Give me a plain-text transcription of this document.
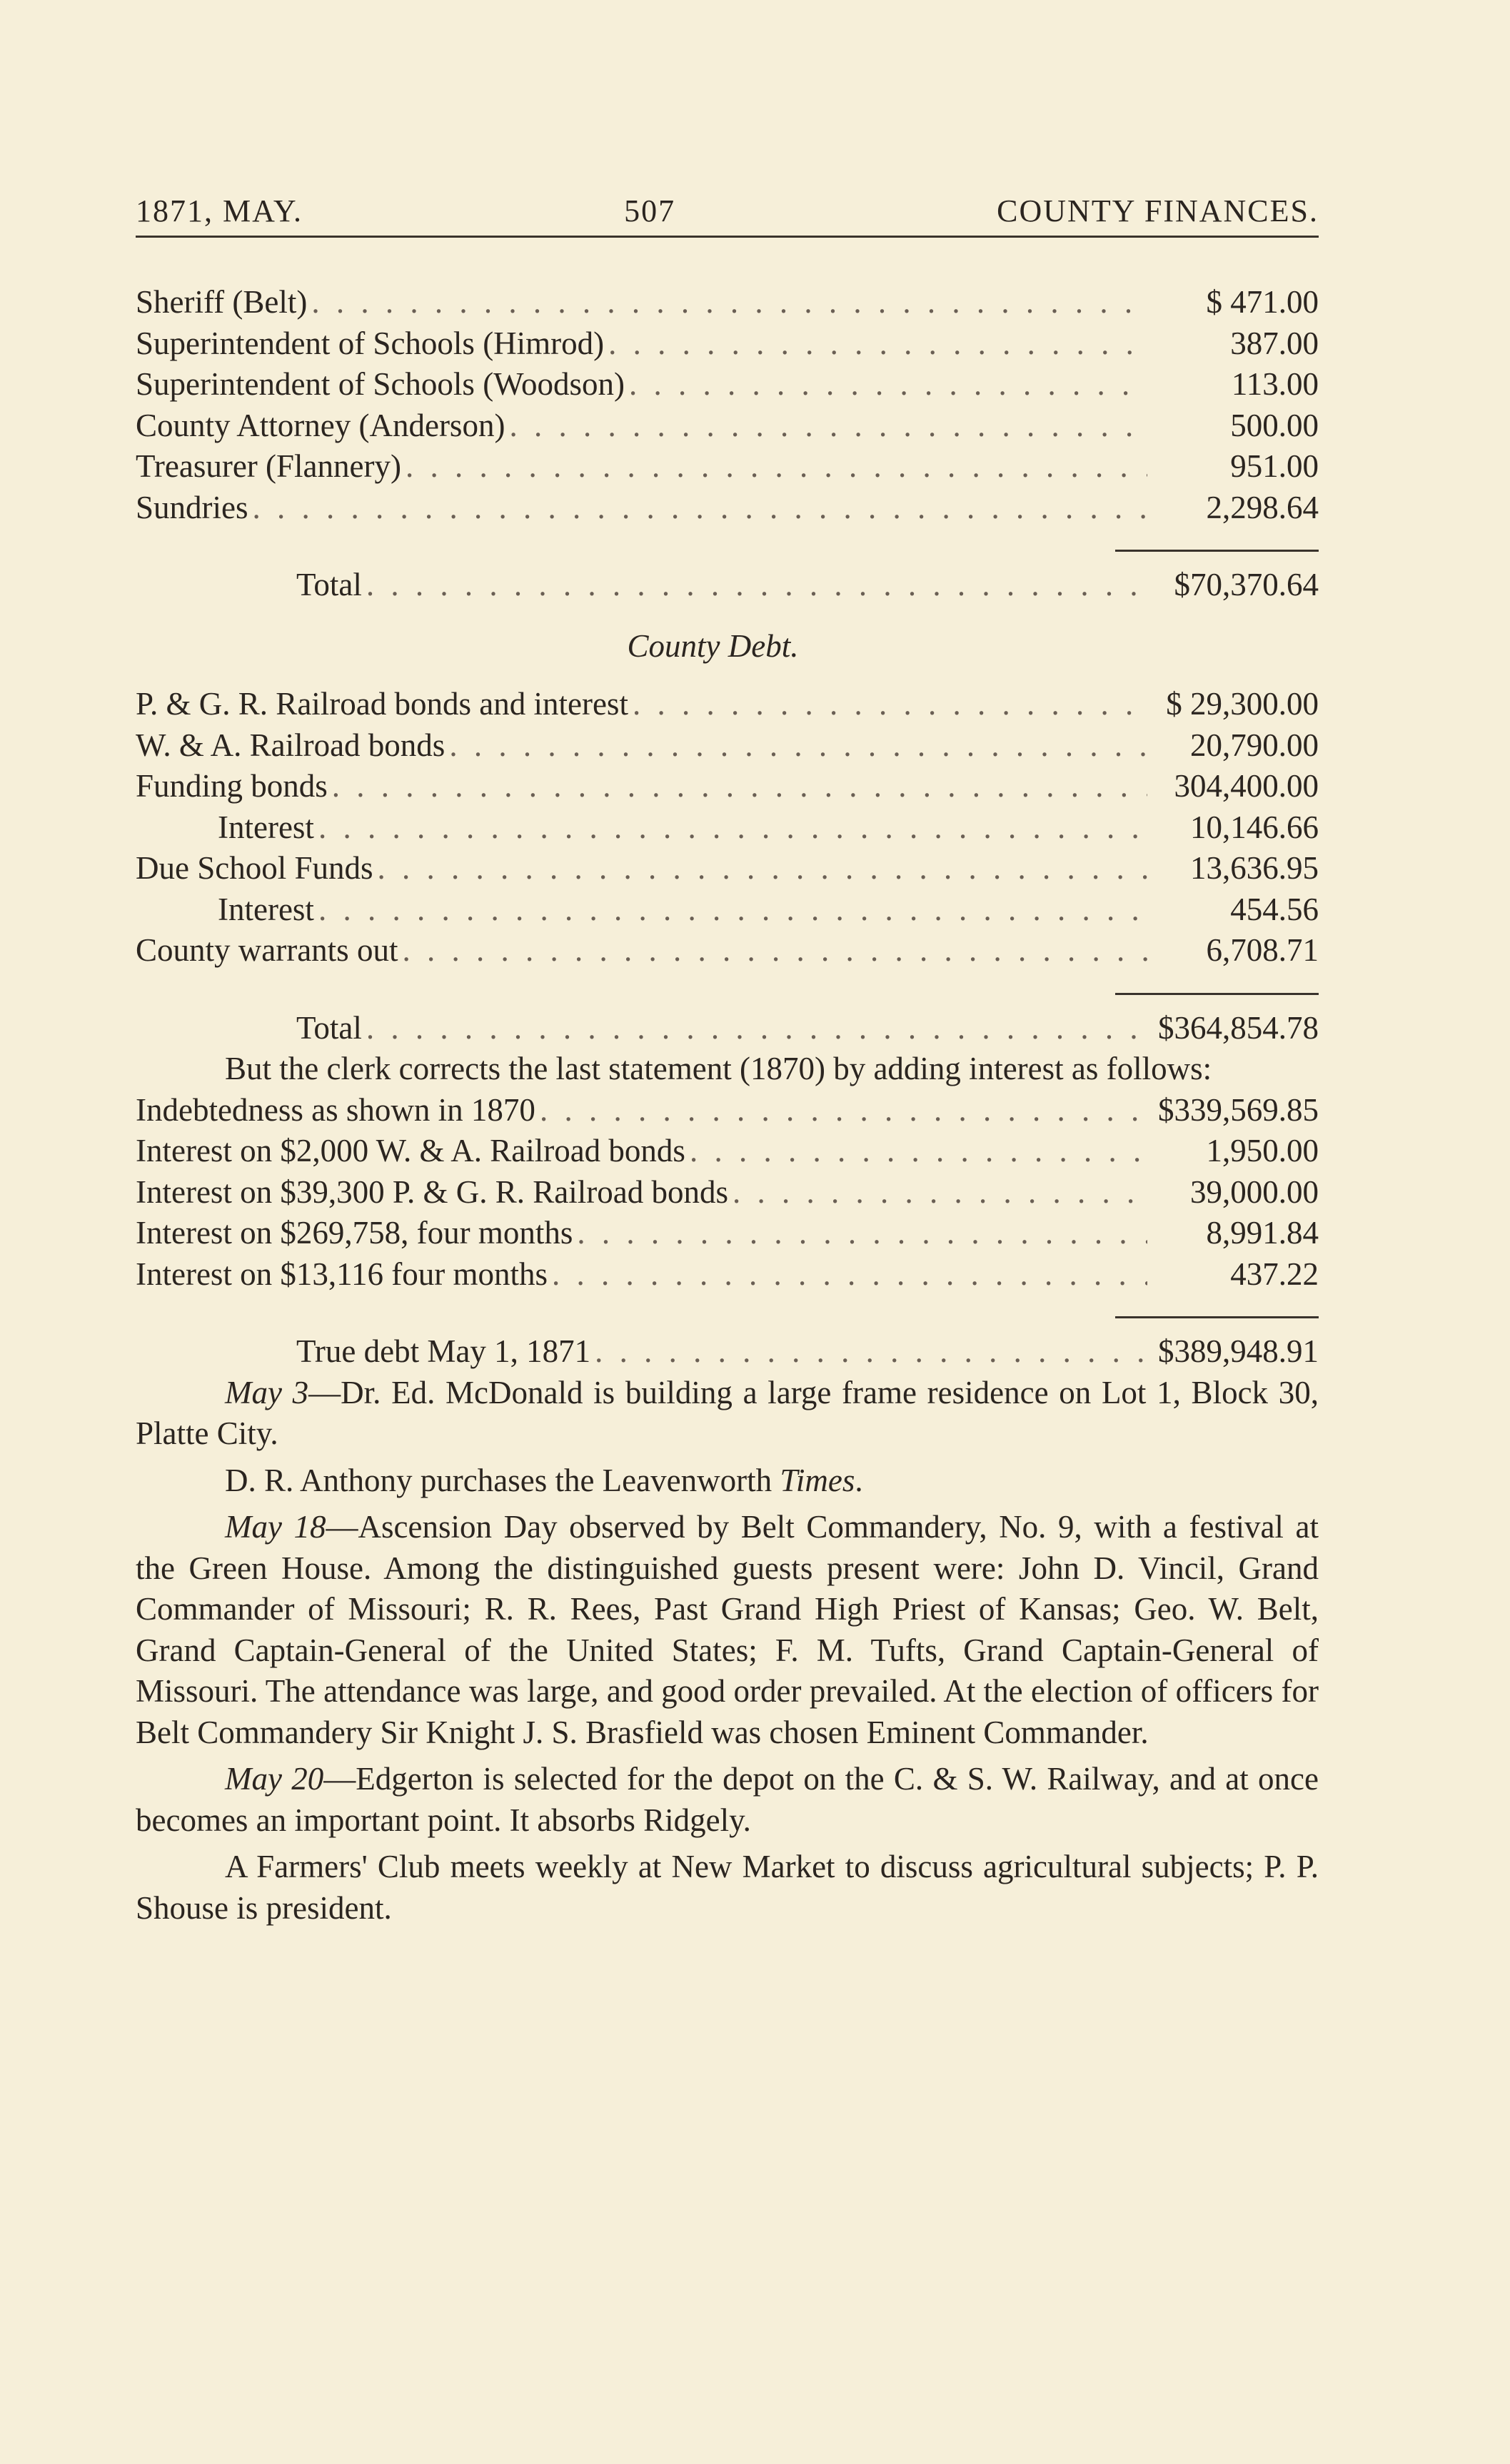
1871, MAY.	507	COUNTY FINANCES.
Sheriff (Belt) . . .	$ 471.00
Superintendent of Schools (Himrod) . . .	387.00
Superintendent of Schools (Woodson) . . .	113.00
County Attorney (Anderson) . . .	500.00
Treasurer (Flannery) . . .	951.00
Sundries . . .	2,298.64
Total . . .	$70,370.64
County Debt.
P. & G. R. Railroad bonds and interest . . .	$ 29,300.00
W. & A. Railroad bonds . . .	20,790.00
Funding bonds . . .	304,400.00
Interest . . .	10,146.66
Due School Funds . . .	13,636.95
Interest . . .	454.56
County warrants out . . .	6,708.71
Total . . .	$364,854.78

But the clerk corrects the last statement (1870) by adding interest as follows:

Indebtedness as shown in 1870 . . .	$339,569.85
Interest on $2,000 W. & A. Railroad bonds . . .	1,950.00
Interest on $39,300 P. & G. R. Railroad bonds . . .	39,000.00
Interest on $269,758, four months . . .	8,991.84
Interest on $13,116 four months . . .	437.22
True debt May 1, 1871 . . .	$389,948.91

May 3—Dr. Ed. McDonald is building a large frame residence on Lot 1, Block 30, Platte City.

D. R. Anthony purchases the Leavenworth Times.

May 18—Ascension Day observed by Belt Commandery, No. 9, with a festival at the Green House. Among the distinguished guests present were: John D. Vincil, Grand Commander of Missouri; R. R. Rees, Past Grand High Priest of Kansas; Geo. W. Belt, Grand Captain-General of the United States; F. M. Tufts, Grand Captain-General of Missouri. The attendance was large, and good order prevailed. At the election of officers for Belt Commandery Sir Knight J. S. Brasfield was chosen Eminent Commander.

May 20—Edgerton is selected for the depot on the C. & S. W. Railway, and at once becomes an important point. It absorbs Ridgely.

A Farmers' Club meets weekly at New Market to discuss agricultural subjects; P. P. Shouse is president.
